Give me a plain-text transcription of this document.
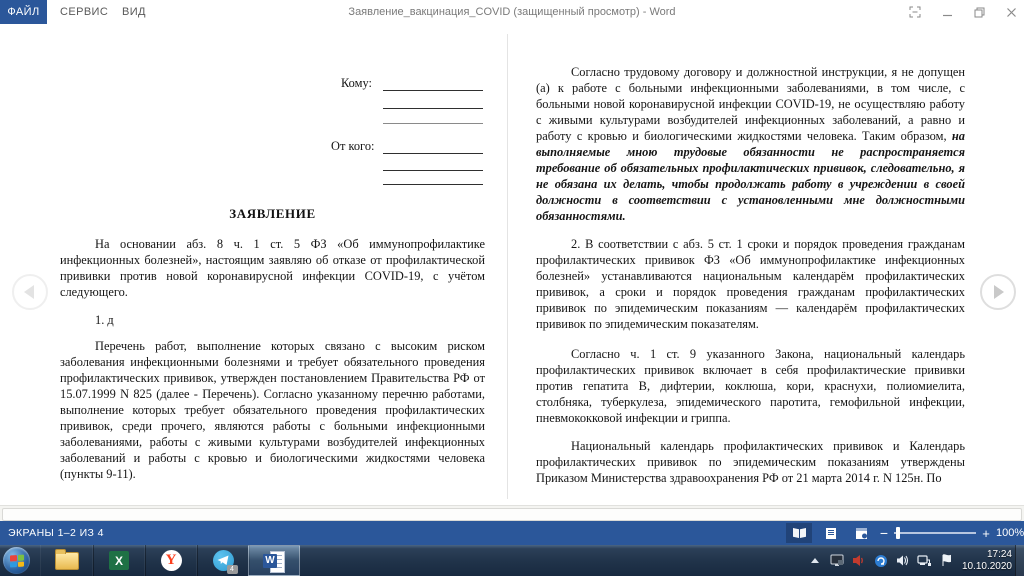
ФАЙЛ	СЕРВИС ВИД	Заявление_вакцинация_COVID (защищенный просмотр) - Word
Кому:
От кого:
ЗАЯВЛЕНИЕ

На основании абз. 8 ч. 1 ст. 5 ФЗ «Об иммунопрофилактике инфекционных болезней», настоящим заявляю об отказе от профилактической прививки против новой коронавирусной инфекции COVID-19, с учётом следующего.

1. д

Перечень работ, выполнение которых связано с высоким риском заболевания инфекционными болезнями и требует обязательного проведения профилактических прививок, утвержден постановлением Правительства РФ от 15.07.1999 N 825 (далее - Перечень). Согласно указанному перечню работами, выполнение которых требует обязательного проведения профилактических прививок, среди прочего, являются работы с больными инфекционными заболеваниями, работы с живыми культурами возбудителей инфекционных заболеваний и работы с кровью и биологическими жидкостями человека (пункты 9-11).

Согласно трудовому договору и должностной инструкции, я не допущен (а) к работе с больными инфекционными заболеваниями, в том числе, с больными новой коронавирусной инфекции COVID-19, не осуществляю работу с живыми культурами возбудителей инфекционных заболеваний, а равно и работу с кровью и биологическими жидкостями человека. Таким образом, на выполняемые мною трудовые обязанности не распространяется требование об обязательных профилактических прививок, следовательно, я не обязана их делать, чтобы продолжать работу в учреждении в своей должности в соответствии с установленными мне должностными обязанностями.

2. В соответствии с абз. 5 ст. 1 сроки и порядок проведения гражданам профилактических прививок ФЗ «Об иммунопрофилактике инфекционных болезней» устанавливаются национальным календарём профилактических прививок, а сроки и порядок проведения гражданам профилактических прививок по эпидемическим показаниям — календарём профилактических прививок по эпидемическим показателям.

Согласно ч. 1 ст. 9 указанного Закона, национальный календарь профилактических прививок включает в себя профилактические прививки против гепатита В, дифтерии, коклюша, кори, краснухи, полиомиелита, столбняка, туберкулеза, эпидемического паротита, гемофильной инфекции, пневмококковой инфекции и гриппа.

Национальный календарь профилактических прививок и Календарь профилактических прививок по эпидемическим показаниям утверждены Приказом Министерства здравоохранения РФ от 21 марта 2014 г. N 125н. По

ЭКРАНЫ 1–2 ИЗ 4	−	+ 100%
X	Y
4
W
17:24
10.10.2020
